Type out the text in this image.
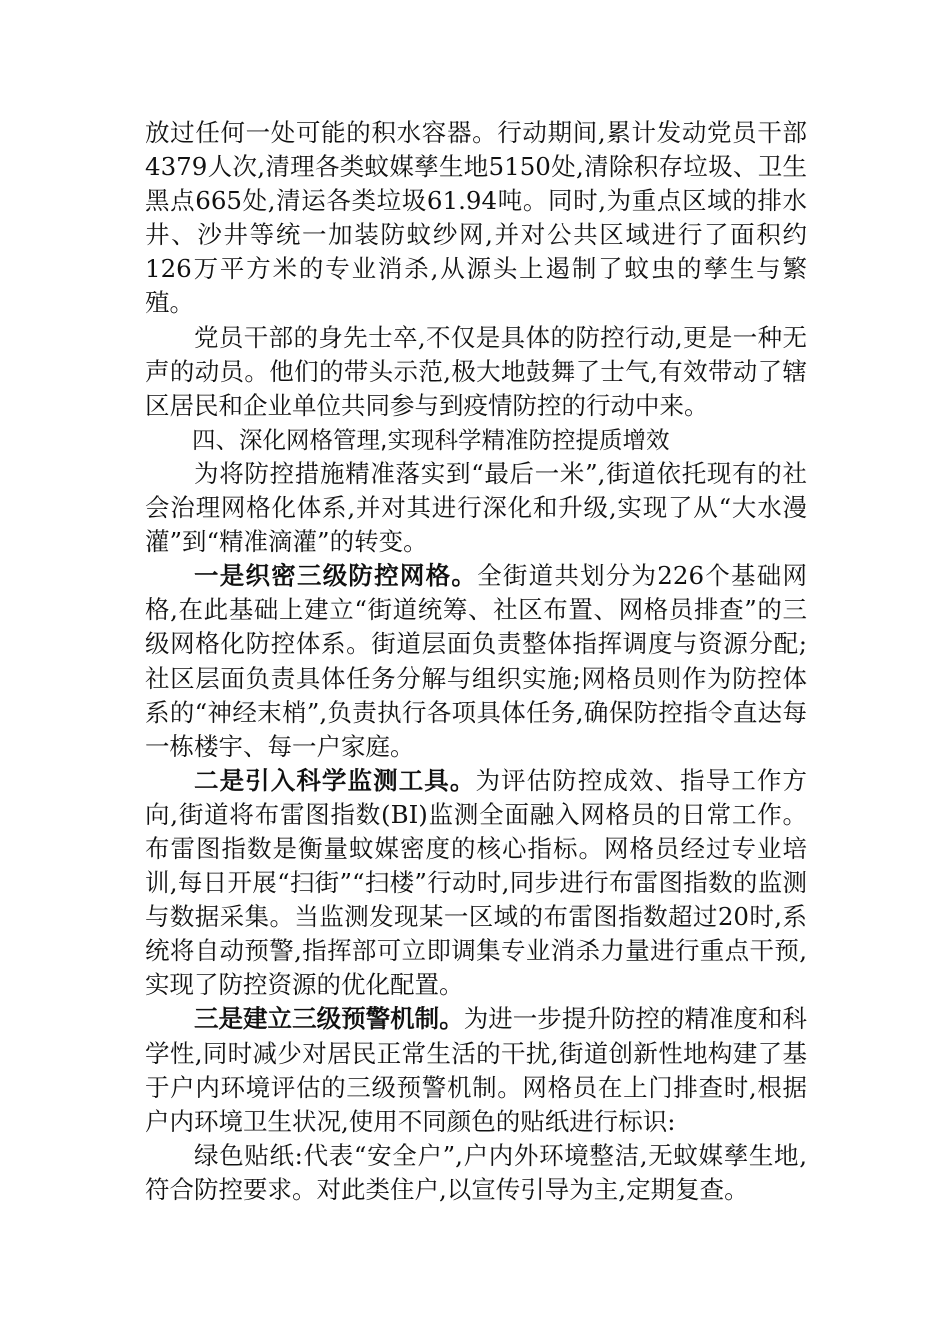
放过任何一处可能的积水容器。行动期间,累计发动党员干部4379人次,清理各类蚊媒孳生地5150处,清除积存垃圾、卫生黑点665处,清运各类垃圾61.94吨。同时,为重点区域的排水井、沙井等统一加装防蚊纱网,并对公共区域进行了面积约126万平方米的专业消杀,从源头上遏制了蚊虫的孳生与繁殖。

党员干部的身先士卒,不仅是具体的防控行动,更是一种无声的动员。他们的带头示范,极大地鼓舞了士气,有效带动了辖区居民和企业单位共同参与到疫情防控的行动中来。

四、深化网格管理,实现科学精准防控提质增效

为将防控措施精准落实到“最后一米”,街道依托现有的社会治理网格化体系,并对其进行深化和升级,实现了从“大水漫灌”到“精准滴灌”的转变。

一是织密三级防控网格。全街道共划分为226个基础网格,在此基础上建立“街道统筹、社区布置、网格员排查”的三级网格化防控体系。街道层面负责整体指挥调度与资源分配;社区层面负责具体任务分解与组织实施;网格员则作为防控体系的“神经末梢”,负责执行各项具体任务,确保防控指令直达每一栋楼宇、每一户家庭。

二是引入科学监测工具。为评估防控成效、指导工作方向,街道将布雷图指数(BI)监测全面融入网格员的日常工作。布雷图指数是衡量蚊媒密度的核心指标。网格员经过专业培训,每日开展“扫街”“扫楼”行动时,同步进行布雷图指数的监测与数据采集。当监测发现某一区域的布雷图指数超过20时,系统将自动预警,指挥部可立即调集专业消杀力量进行重点干预,实现了防控资源的优化配置。

三是建立三级预警机制。为进一步提升防控的精准度和科学性,同时减少对居民正常生活的干扰,街道创新性地构建了基于户内环境评估的三级预警机制。网格员在上门排查时,根据户内环境卫生状况,使用不同颜色的贴纸进行标识:

绿色贴纸:代表“安全户”,户内外环境整洁,无蚊媒孳生地,符合防控要求。对此类住户,以宣传引导为主,定期复查。
